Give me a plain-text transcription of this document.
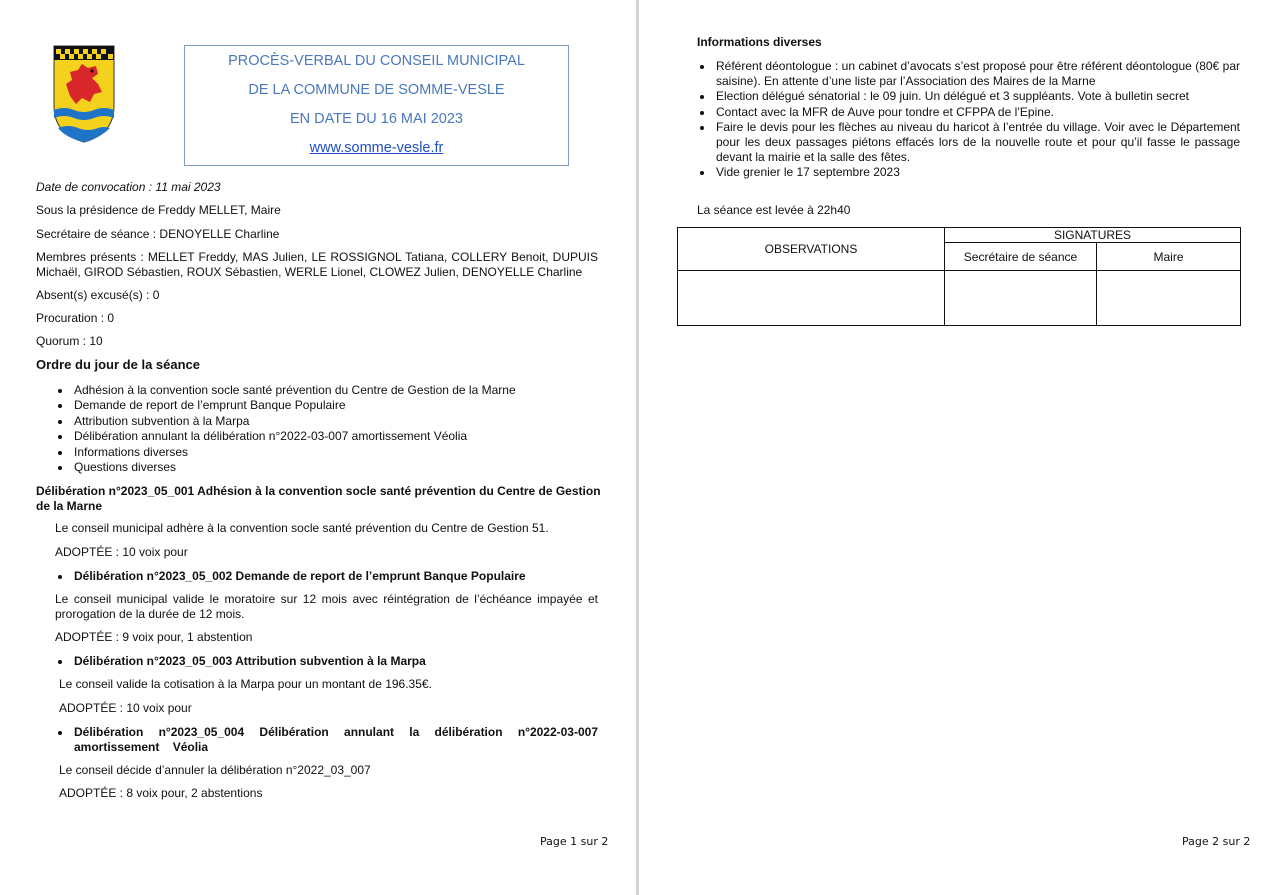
PROCÈS-VERBAL DU CONSEIL MUNICIPAL
DE LA COMMUNE DE SOMME-VESLE
EN DATE DU 16 MAI 2023
www.somme-vesle.fr
Date de convocation : 11 mai 2023
Sous la présidence de Freddy MELLET, Maire
Secrétaire de séance : DENOYELLE Charline
Membres présents : MELLET Freddy, MAS Julien, LE ROSSIGNOL Tatiana, COLLERY Benoit, DUPUIS Michaël, GIROD Sébastien, ROUX Sébastien, WERLE Lionel, CLOWEZ Julien, DENOYELLE Charline
Absent(s) excusé(s) : 0
Procuration : 0
Quorum : 10
Ordre du jour de la séance
Adhésion à la convention socle santé prévention du Centre de Gestion de la Marne
Demande de report de l’emprunt Banque Populaire
Attribution subvention à la Marpa
Délibération annulant la délibération n°2022-03-007 amortissement Véolia
Informations diverses
Questions diverses
Délibération n°2023_05_001 Adhésion à la convention socle santé prévention du Centre de Gestion de la Marne
Le conseil municipal adhère à la convention socle santé prévention du Centre de Gestion 51.
ADOPTÉE : 10 voix pour
Délibération n°2023_05_002 Demande de report de l’emprunt Banque Populaire
Le conseil municipal valide le moratoire sur 12 mois avec réintégration de l’échéance impayée et prorogation de la durée de 12 mois.
ADOPTÉE : 9 voix pour, 1 abstention
Délibération n°2023_05_003 Attribution subvention à la Marpa
Le conseil valide la cotisation à la Marpa pour un montant de 196.35€.
ADOPTÉE : 10 voix pour
Délibération n°2023_05_004 Délibération annulant la délibération n°2022-03-007 amortissement Véolia
Le conseil décide d’annuler la délibération n°2022_03_007
ADOPTÉE : 8 voix pour, 2 abstentions
Page 1 sur 2
Informations diverses
Référent déontologue : un cabinet d’avocats s’est proposé pour être référent déontologue (80€ par saisine). En attente d’une liste par l’Association des Maires de la Marne
Election délégué sénatorial : le 09 juin. Un délégué et 3 suppléants. Vote à bulletin secret
Contact avec la MFR de Auve pour tondre et CFPPA de l’Epine.
Faire le devis pour les flèches au niveau du haricot à l’entrée du village. Voir avec le Département pour les deux passages piétons effacés lors de la nouvelle route et pour qu’il fasse le passage devant la mairie et la salle des fêtes.
Vide grenier le 17 septembre 2023
La séance est levée à 22h40
OBSERVATIONS	SIGNATURES	
	Secrétaire de séance	Maire

Page 2 sur 2
